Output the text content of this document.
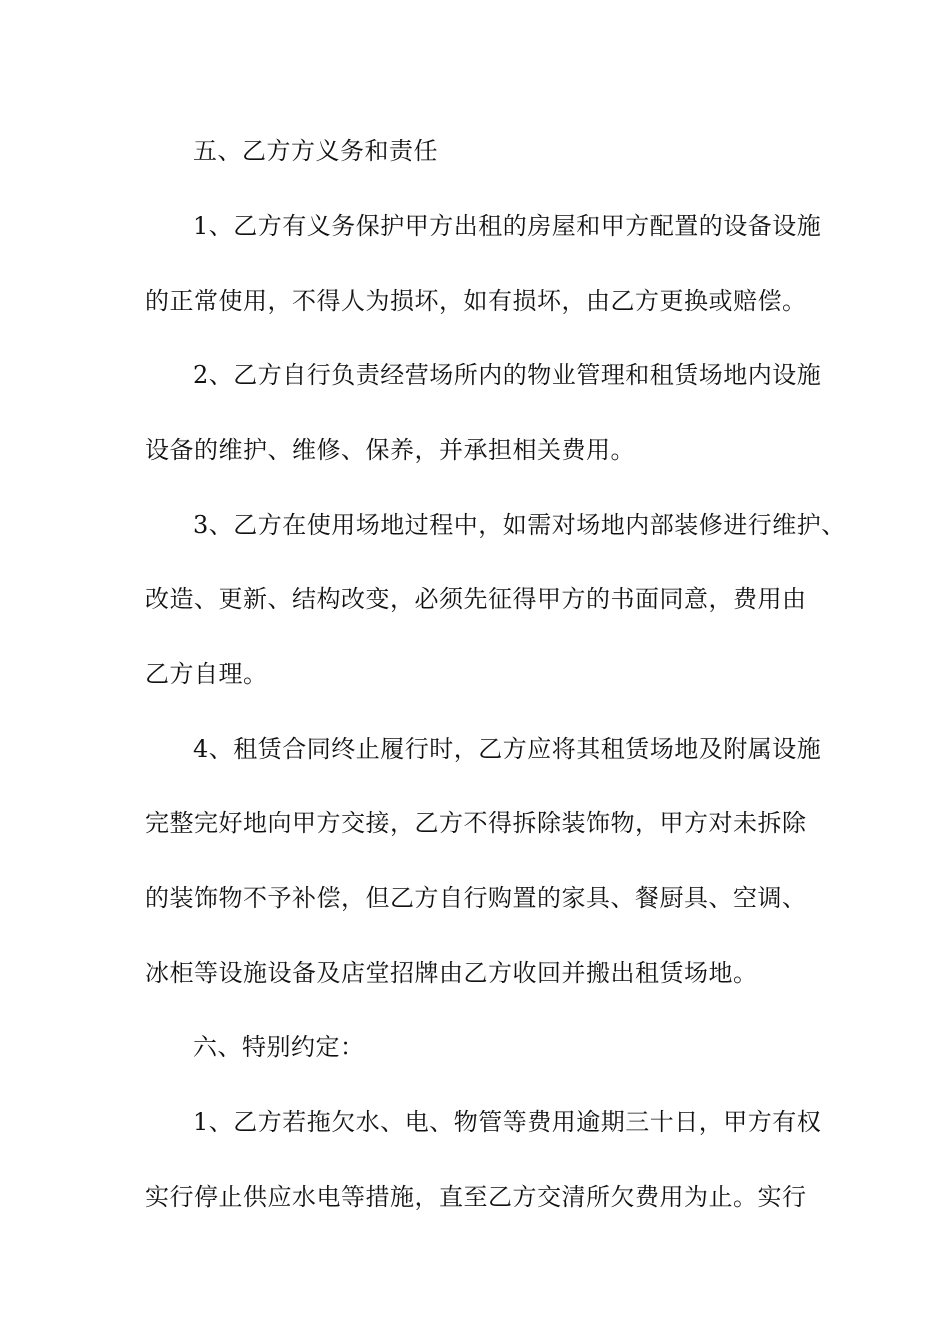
五、乙方方义务和责任
1、乙方有义务保护甲方出租的房屋和甲方配置的设备设施
的正常使用，不得人为损坏，如有损坏，由乙方更换或赔偿。
2、乙方自行负责经营场所内的物业管理和租赁场地内设施
设备的维护、维修、保养，并承担相关费用。
3、乙方在使用场地过程中，如需对场地内部装修进行维护、
改造、更新、结构改变，必须先征得甲方的书面同意，费用由
乙方自理。
4、租赁合同终止履行时，乙方应将其租赁场地及附属设施
完整完好地向甲方交接，乙方不得拆除装饰物，甲方对未拆除
的装饰物不予补偿，但乙方自行购置的家具、餐厨具、空调、
冰柜等设施设备及店堂招牌由乙方收回并搬出租赁场地。
六、特别约定：
1、乙方若拖欠水、电、物管等费用逾期三十日，甲方有权
实行停止供应水电等措施，直至乙方交清所欠费用为止。实行
